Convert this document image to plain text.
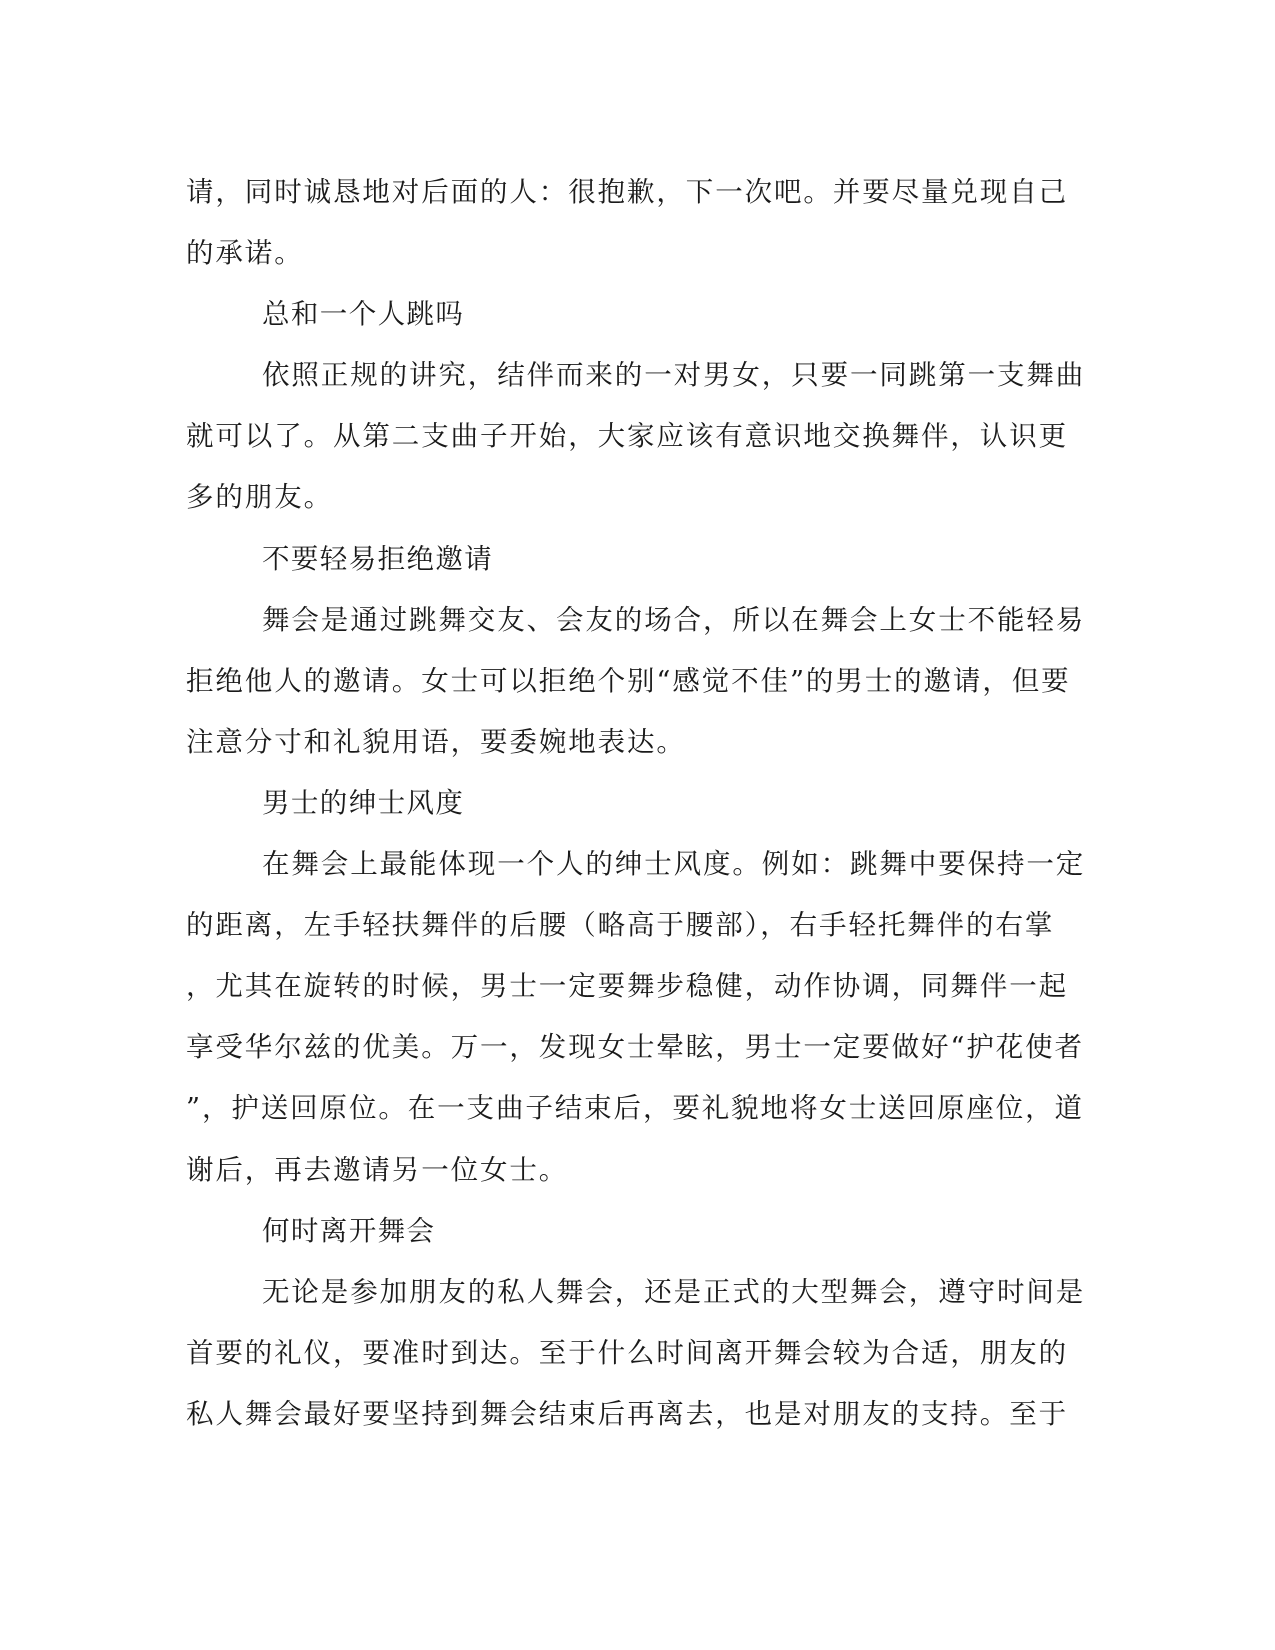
请，同时诚恳地对后面的人：很抱歉，下一次吧。并要尽量兑现自己
的承诺。
总和一个人跳吗
依照正规的讲究，结伴而来的一对男女，只要一同跳第一支舞曲
就可以了。从第二支曲子开始，大家应该有意识地交换舞伴，认识更
多的朋友。
不要轻易拒绝邀请
舞会是通过跳舞交友、会友的场合，所以在舞会上女士不能轻易
拒绝他人的邀请。女士可以拒绝个别“感觉不佳”的男士的邀请，但要
注意分寸和礼貌用语，要委婉地表达。
男士的绅士风度
在舞会上最能体现一个人的绅士风度。例如：跳舞中要保持一定
的距离，左手轻扶舞伴的后腰（略高于腰部），右手轻托舞伴的右掌
，尤其在旋转的时候，男士一定要舞步稳健，动作协调，同舞伴一起
享受华尔兹的优美。万一，发现女士晕眩，男士一定要做好“护花使者
”，护送回原位。在一支曲子结束后，要礼貌地将女士送回原座位，道
谢后，再去邀请另一位女士。
何时离开舞会
无论是参加朋友的私人舞会，还是正式的大型舞会，遵守时间是
首要的礼仪，要准时到达。至于什么时间离开舞会较为合适，朋友的
私人舞会最好要坚持到舞会结束后再离去，也是对朋友的支持。至于
